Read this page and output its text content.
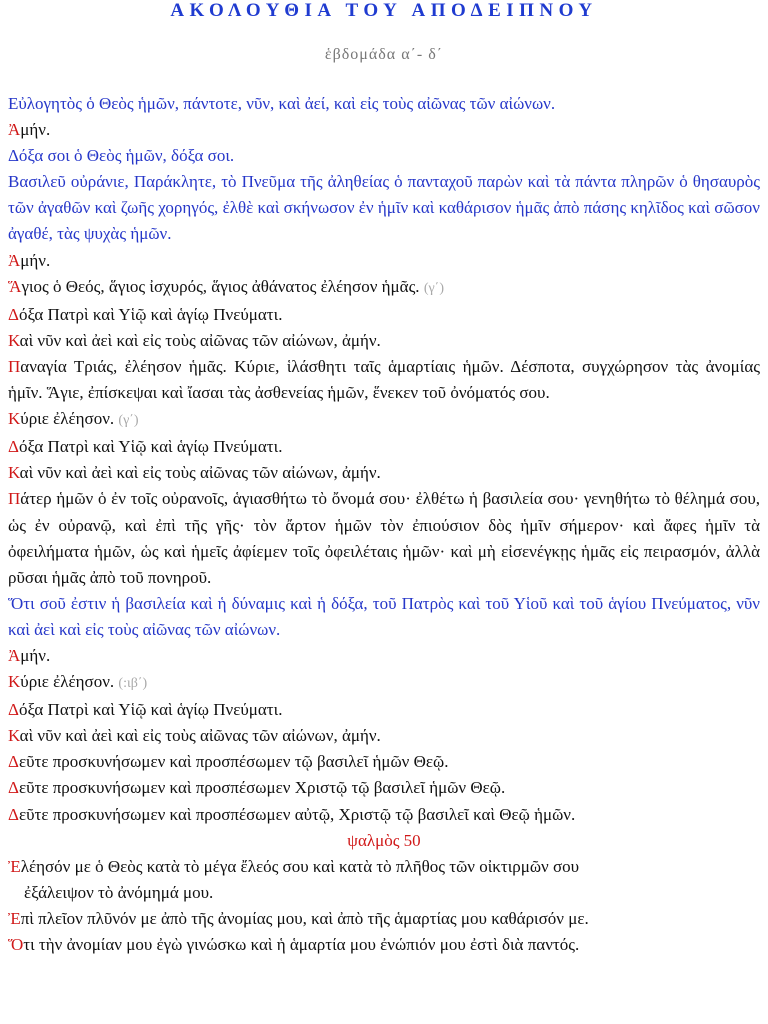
ΑΚΟΛΟΥΘΙΑ ΤΟΥ ΑΠΟΔΕΙΠΝΟΥ
ἑβδομάδα α΄- δ΄

Εὐλογητὸς ὁ Θεὸς ἡμῶν, πάντοτε, νῦν, καὶ ἀεί, καὶ εἰς τοὺς αἰῶνας τῶν αἰώνων.

Ἀμήν.

Δόξα σοι ὁ Θεὸς ἡμῶν, δόξα σοι.

Βασιλεῦ οὐράνιε, Παράκλητε, τὸ Πνεῦμα τῆς ἀληθείας ὁ πανταχοῦ παρὼν καὶ τὰ πάντα πληρῶν ὁ θησαυρὸς τῶν ἀγαθῶν καὶ ζωῆς χορηγός, ἐλθὲ καὶ σκήνωσον ἐν ἡμῖν καὶ καθάρισον ἡμᾶς ἀπὸ πάσης κηλῖδος καὶ σῶσον ἀγαθέ, τὰς ψυχὰς ἡμῶν.

Ἀμήν.

Ἅγιος ὁ Θεός, ἅγιος ἰσχυρός, ἅγιος ἀθάνατος ἐλέησον ἡμᾶς. (γ΄)

Δόξα Πατρὶ καὶ Υἱῷ καὶ ἁγίῳ Πνεύματι.

Καὶ νῦν καὶ ἀεὶ καὶ εἰς τοὺς αἰῶνας τῶν αἰώνων, ἀμήν.

Παναγία Τριάς, ἐλέησον ἡμᾶς. Κύριε, ἱλάσθητι ταῖς ἁμαρτίαις ἡμῶν. Δέσποτα, συγχώρησον τὰς ἀνομίας ἡμῖν. Ἅγιε, ἐπίσκεψαι καὶ ἴασαι τὰς ἀσθενείας ἡμῶν, ἕνεκεν τοῦ ὀνόματός σου.

Κύριε ἐλέησον. (γ΄)

Δόξα Πατρὶ καὶ Υἱῷ καὶ ἁγίῳ Πνεύματι.

Καὶ νῦν καὶ ἀεὶ καὶ εἰς τοὺς αἰῶνας τῶν αἰώνων, ἀμήν.

Πάτερ ἡμῶν ὁ ἐν τοῖς οὐρανοῖς, ἁγιασθήτω τὸ ὄνομά σου· ἐλθέτω ἡ βασιλεία σου· γενηθήτω τὸ θέλημά σου, ὡς ἐν οὐρανῷ, καὶ ἐπὶ τῆς γῆς· τὸν ἄρτον ἡμῶν τὸν ἐπιούσιον δὸς ἡμῖν σήμερον· καὶ ἄφες ἡμῖν τὰ ὀφειλήματα ἡμῶν, ὡς καὶ ἡμεῖς ἀφίεμεν τοῖς ὀφειλέταις ἡμῶν· καὶ μὴ εἰσενέγκῃς ἡμᾶς εἰς πειρασμόν, ἀλλὰ ρῦσαι ἡμᾶς ἀπὸ τοῦ πονηροῦ.

Ὅτι σοῦ ἐστιν ἡ βασιλεία καὶ ἡ δύναμις καὶ ἡ δόξα, τοῦ Πατρὸς καὶ τοῦ Υἱοῦ καὶ τοῦ ἁγίου Πνεύματος, νῦν καὶ ἀεὶ καὶ εἰς τοὺς αἰῶνας τῶν αἰώνων.

Ἀμήν.

Κύριε ἐλέησον. (:ιβ΄)

Δόξα Πατρὶ καὶ Υἱῷ καὶ ἁγίῳ Πνεύματι.

Καὶ νῦν καὶ ἀεὶ καὶ εἰς τοὺς αἰῶνας τῶν αἰώνων, ἀμήν.

Δεῦτε προσκυνήσωμεν καὶ προσπέσωμεν τῷ βασιλεῖ ἡμῶν Θεῷ.

Δεῦτε προσκυνήσωμεν καὶ προσπέσωμεν Χριστῷ τῷ βασιλεῖ ἡμῶν Θεῷ.

Δεῦτε προσκυνήσωμεν καὶ προσπέσωμεν αὐτῷ, Χριστῷ τῷ βασιλεῖ καὶ Θεῷ ἡμῶν.

ψαλμὸς 50

Ἐλέησόν με ὁ Θεὸς κατὰ τὸ μέγα ἔλεός σου καὶ κατὰ τὸ πλῆθος τῶν οἰκτιρμῶν σου

ἐξάλειψον τὸ ἀνόμημά μου.

Ἐπὶ πλεῖον πλῦνόν με ἀπὸ τῆς ἀνομίας μου, καὶ ἀπὸ τῆς ἁμαρτίας μου καθάρισόν με.

Ὅτι τὴν ἀνομίαν μου ἐγὼ γινώσκω καὶ ἡ ἁμαρτία μου ἐνώπιόν μου ἐστὶ διὰ παντός.
